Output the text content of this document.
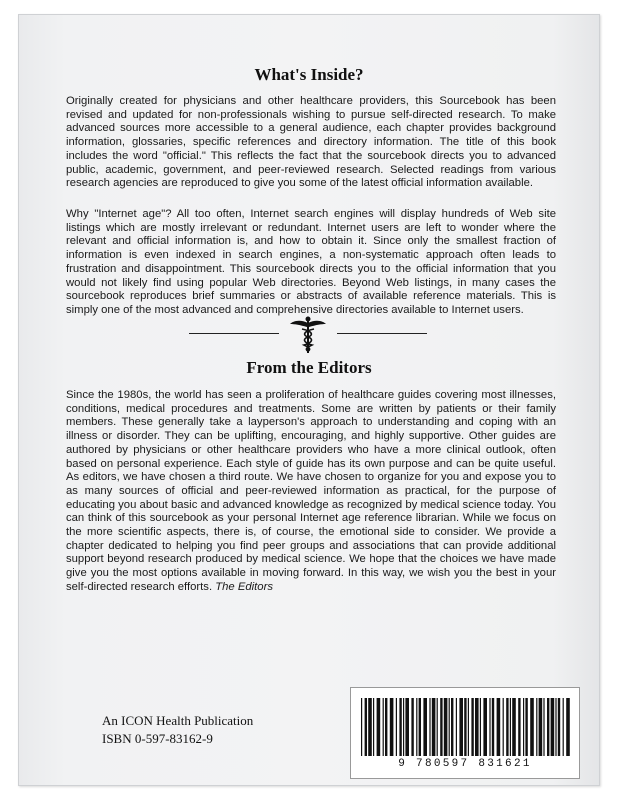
What's Inside?

Originally created for physicians and other healthcare providers, this Sourcebook has been revised and updated for non-professionals wishing to pursue self-directed research. To make advanced sources more accessible to a general audience, each chapter provides background information, glossaries, specific references and directory information. The title of this book includes the word "official." This reflects the fact that the sourcebook directs you to advanced public, academic, government, and peer-reviewed research. Selected readings from various research agencies are reproduced to give you some of the latest official information available.

Why "Internet age"? All too often, Internet search engines will display hundreds of Web site listings which are mostly irrelevant or redundant. Internet users are left to wonder where the relevant and official information is, and how to obtain it. Since only the smallest fraction of information is even indexed in search engines, a non-systematic approach often leads to frustration and disappointment. This sourcebook directs you to the official information that you would not likely find using popular Web directories. Beyond Web listings, in many cases the sourcebook reproduces brief summaries or abstracts of available reference materials. This is simply one of the most advanced and comprehensive directories available to Internet users.

From the Editors

Since the 1980s, the world has seen a proliferation of healthcare guides covering most illnesses, conditions, medical procedures and treatments. Some are written by patients or their family members. These generally take a layperson's approach to understanding and coping with an illness or disorder. They can be uplifting, encouraging, and highly supportive. Other guides are authored by physicians or other healthcare providers who have a more clinical outlook, often based on personal experience. Each style of guide has its own purpose and can be quite useful. As editors, we have chosen a third route. We have chosen to organize for you and expose you to as many sources of official and peer-reviewed information as practical, for the purpose of educating you about basic and advanced knowledge as recognized by medical science today. You can think of this sourcebook as your personal Internet age reference librarian. While we focus on the more scientific aspects, there is, of course, the emotional side to consider. We provide a chapter dedicated to helping you find peer groups and associations that can provide additional support beyond research produced by medical science. We hope that the choices we have made give you the most options available in moving forward. In this way, we wish you the best in your self-directed research efforts. The Editors

An ICON Health Publication
ISBN 0-597-83162-9
9 780597 831621
